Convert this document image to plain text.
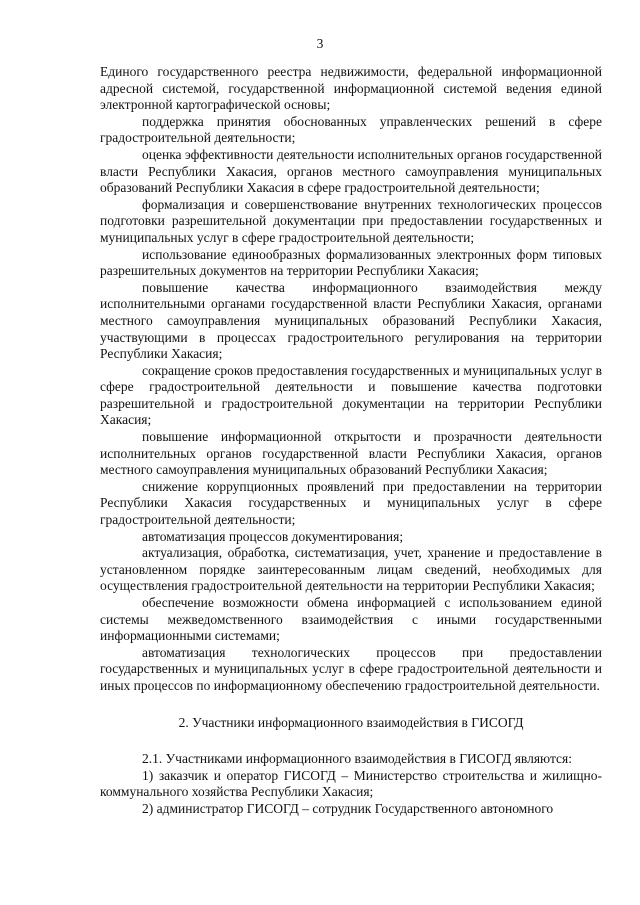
3

Единого государственного реестра недвижимости, федеральной информационной адресной системой, государственной информационной системой ведения единой электронной картографической основы;

поддержка принятия обоснованных управленческих решений в сфере градостроительной деятельности;

оценка эффективности деятельности исполнительных органов государственной власти Республики Хакасия, органов местного самоуправления муниципальных образований Республики Хакасия в сфере градостроительной деятельности;

формализация и совершенствование внутренних технологических процессов подготовки разрешительной документации при предоставлении государственных и муниципальных услуг в сфере градостроительной деятельности;

использование единообразных формализованных электронных форм типовых разрешительных документов на территории Республики Хакасия;

повышение качества информационного взаимодействия между исполнительными органами государственной власти Республики Хакасия, органами местного самоуправления муниципальных образований Республики Хакасия, участвующими в процессах градостроительного регулирования на территории Республики Хакасия;

сокращение сроков предоставления государственных и муниципальных услуг в сфере градостроительной деятельности и повышение качества подготовки разрешительной и градостроительной документации на территории Республики Хакасия;

повышение информационной открытости и прозрачности деятельности исполнительных органов государственной власти Республики Хакасия, органов местного самоуправления муниципальных образований Республики Хакасия;

снижение коррупционных проявлений при предоставлении на территории Республики Хакасия государственных и муниципальных услуг в сфере градостроительной деятельности;

автоматизация процессов документирования;

актуализация, обработка, систематизация, учет, хранение и предоставление в установленном порядке заинтересованным лицам сведений, необходимых для осуществления градостроительной деятельности на территории Республики Хакасия;

обеспечение возможности обмена информацией с использованием единой системы межведомственного взаимодействия с иными государственными информационными системами;

автоматизация технологических процессов при предоставлении государственных и муниципальных услуг в сфере градостроительной деятельности и иных процессов по информационному обеспечению градостроительной деятельности.

2. Участники информационного взаимодействия в ГИСОГД

2.1. Участниками информационного взаимодействия в ГИСОГД являются:

1) заказчик и оператор ГИСОГД – Министерство строительства и жилищно-коммунального хозяйства Республики Хакасия;

2) администратор ГИСОГД – сотрудник Государственного автономного
